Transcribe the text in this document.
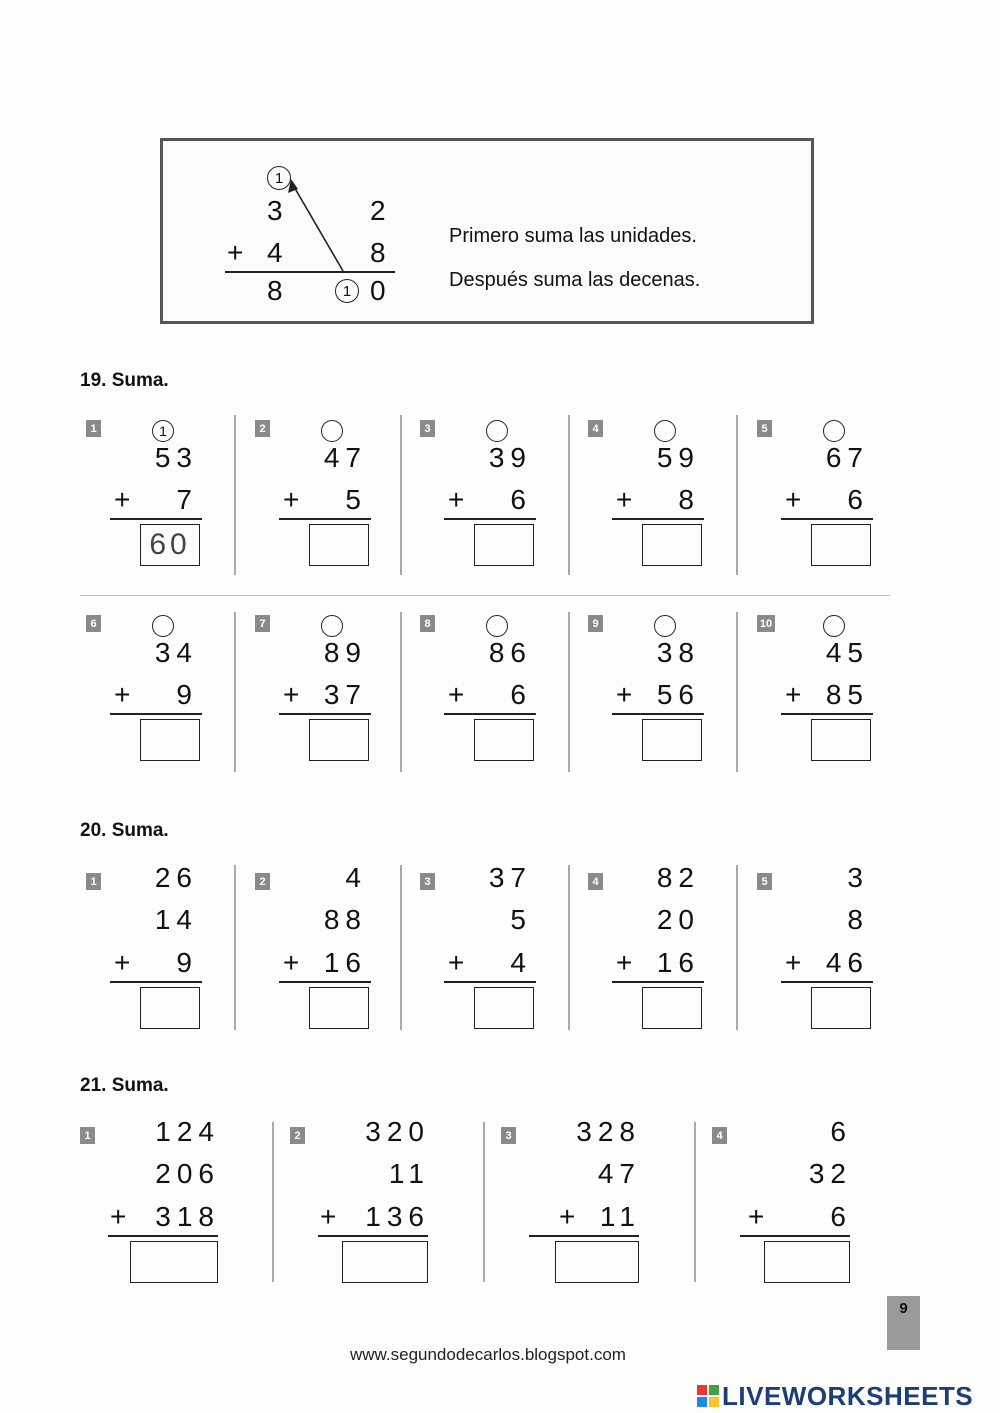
1
3	2
+ 4	8
8	1 0
Primero suma las unidades.
Después suma las decenas.
19. Suma.
1	1
53
+	7
60
2
47
+	5
3
39
+	6
4
59
+	8
5
67
+	6
6
34
+	9
7
89
+ 37
8
86
+	6
9
38
+ 56
10
45
+ 85
20. Suma.
1	26
14
+	9
2	4
88
+ 16
3	37
5
+	4
4	82
20
+ 16
5	3
8
+ 46
21. Suma.
1	124
206
+	318
2	320
11
+	136
3	328
47
+ 11
4	6
32
+	6
9
www.segundodecarlos.blogspot.com
LIVEWORKSHEETS
